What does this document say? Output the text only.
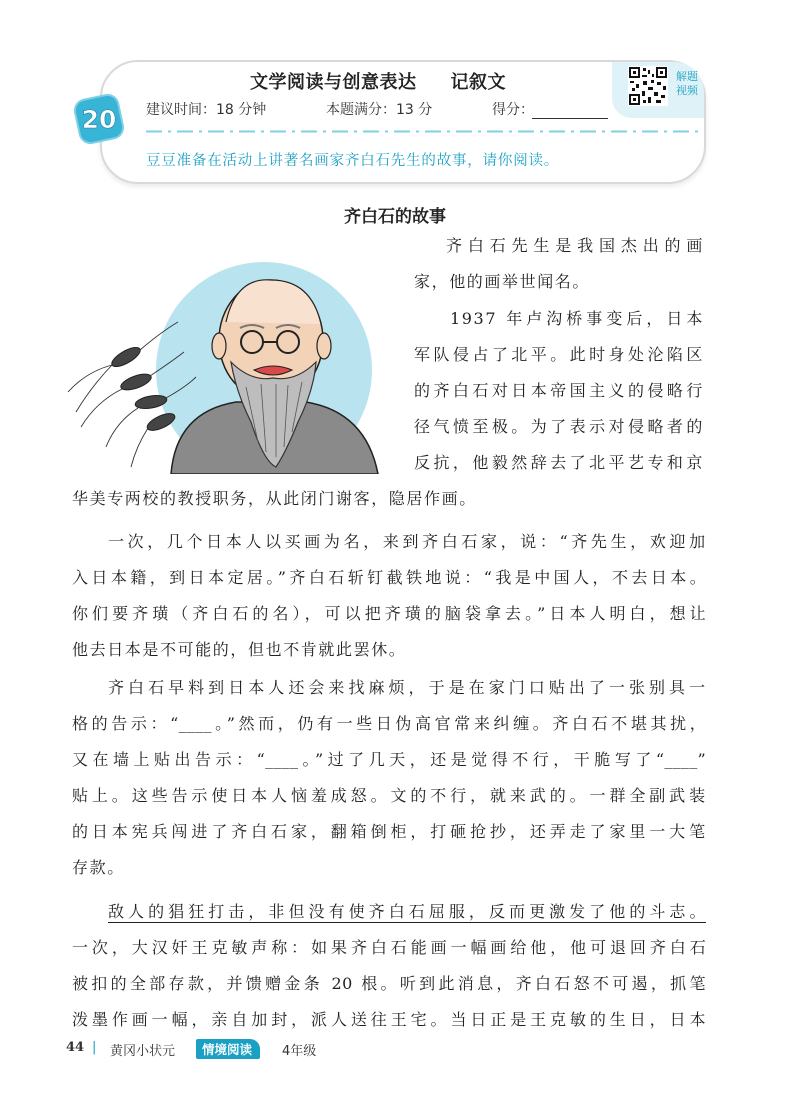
解题视频
文学阅读与创意表达 记叙文
20 建议时间：18 分钟	本题满分：13 分	得分：
豆豆准备在活动上讲著名画家齐白石先生的故事，请你阅读。
齐白石的故事
齐白石先生是我国杰出的画
家，他的画举世闻名。
1937 年卢沟桥事变后，日本
军队侵占了北平。此时身处沦陷区
的齐白石对日本帝国主义的侵略行
径气愤至极。为了表示对侵略者的
反抗，他毅然辞去了北平艺专和京
华美专两校的教授职务，从此闭门谢客，隐居作画。
一次，几个日本人以买画为名，来到齐白石家，说：“齐先生，欢迎加
入日本籍，到日本定居。”齐白石斩钉截铁地说：“我是中国人，不去日本。
你们要齐璜（齐白石的名），可以把齐璜的脑袋拿去。”日本人明白，想让
他去日本是不可能的，但也不肯就此罢休。
齐白石早料到日本人还会来找麻烦，于是在家门口贴出了一张别具一
格的告示：“____。”然而，仍有一些日伪高官常来纠缠。齐白石不堪其扰，
又在墙上贴出告示：“____。”过了几天，还是觉得不行，干脆写了“____”
贴上。这些告示使日本人恼羞成怒。文的不行，就来武的。一群全副武装
的日本宪兵闯进了齐白石家，翻箱倒柜，打砸抢抄，还弄走了家里一大笔
存款。
敌人的猖狂打击，非但没有使齐白石屈服，反而更激发了他的斗志。
一次，大汉奸王克敏声称：如果齐白石能画一幅画给他，他可退回齐白石
被扣的全部存款，并馈赠金条 20 根。听到此消息，齐白石怒不可遏，抓笔
泼墨作画一幅，亲自加封，派人送往王宅。当日正是王克敏的生日，日本
44 | 黄冈小状元	情境阅读	4年级
